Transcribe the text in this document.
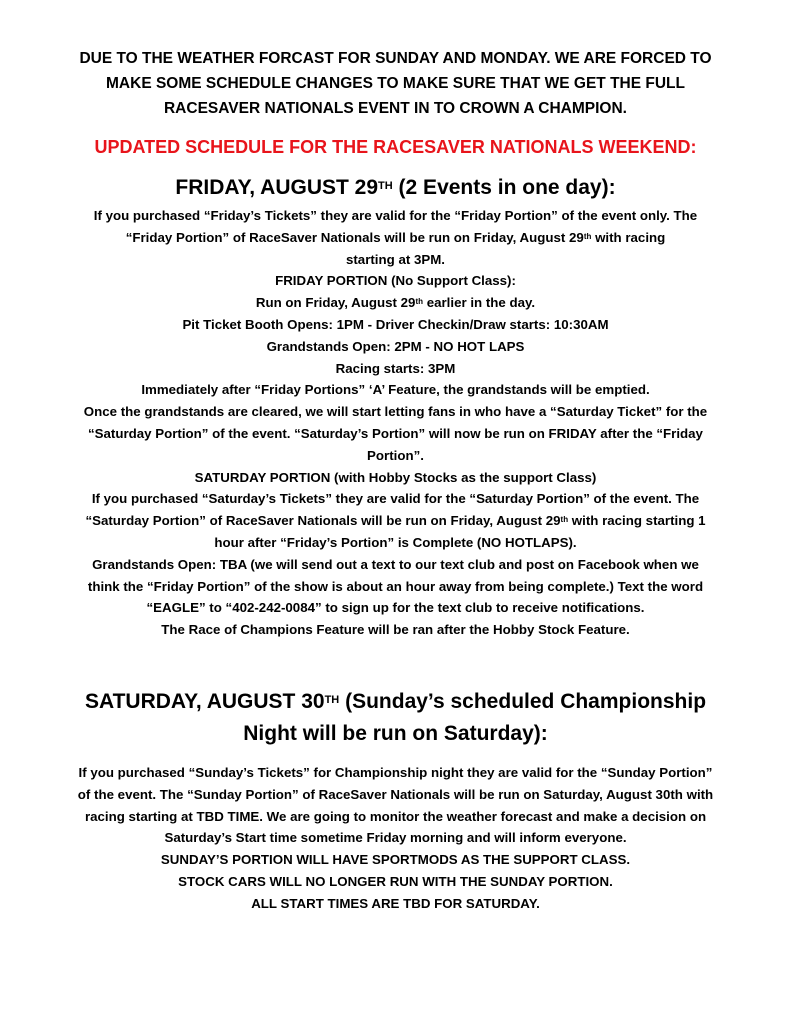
DUE TO THE WEATHER FORCAST FOR SUNDAY AND MONDAY. WE ARE FORCED TO
MAKE SOME SCHEDULE CHANGES TO MAKE SURE THAT WE GET THE FULL
RACESAVER NATIONALS EVENT IN TO CROWN A CHAMPION.
UPDATED SCHEDULE FOR THE RACESAVER NATIONALS WEEKEND:
FRIDAY, AUGUST 29TH (2 Events in one day):
If you purchased “Friday’s Tickets” they are valid for the “Friday Portion” of the event only. The
“Friday Portion” of RaceSaver Nationals will be run on Friday, August 29th with racing
starting at 3PM.
FRIDAY PORTION (No Support Class):
Run on Friday, August 29th earlier in the day.
Pit Ticket Booth Opens: 1PM - Driver Checkin/Draw starts: 10:30AM
Grandstands Open: 2PM - NO HOT LAPS
Racing starts: 3PM
Immediately after “Friday Portions” ‘A’ Feature, the grandstands will be emptied.
Once the grandstands are cleared, we will start letting fans in who have a “Saturday Ticket” for the
“Saturday Portion” of the event. “Saturday’s Portion” will now be run on FRIDAY after the “Friday
Portion”.
SATURDAY PORTION (with Hobby Stocks as the support Class)
If you purchased “Saturday’s Tickets” they are valid for the “Saturday Portion” of the event. The
“Saturday Portion” of RaceSaver Nationals will be run on Friday, August 29th with racing starting 1
hour after “Friday’s Portion” is Complete (NO HOTLAPS).
Grandstands Open: TBA (we will send out a text to our text club and post on Facebook when we
think the “Friday Portion” of the show is about an hour away from being complete.) Text the word
“EAGLE” to “402-242-0084” to sign up for the text club to receive notifications.
The Race of Champions Feature will be ran after the Hobby Stock Feature.
SATURDAY, AUGUST 30TH (Sunday’s scheduled Championship
Night will be run on Saturday):
If you purchased “Sunday’s Tickets” for Championship night they are valid for the “Sunday Portion”
of the event. The “Sunday Portion” of RaceSaver Nationals will be run on Saturday, August 30th with
racing starting at TBD TIME. We are going to monitor the weather forecast and make a decision on
Saturday’s Start time sometime Friday morning and will inform everyone.
SUNDAY’S PORTION WILL HAVE SPORTMODS AS THE SUPPORT CLASS.
STOCK CARS WILL NO LONGER RUN WITH THE SUNDAY PORTION.
ALL START TIMES ARE TBD FOR SATURDAY.
